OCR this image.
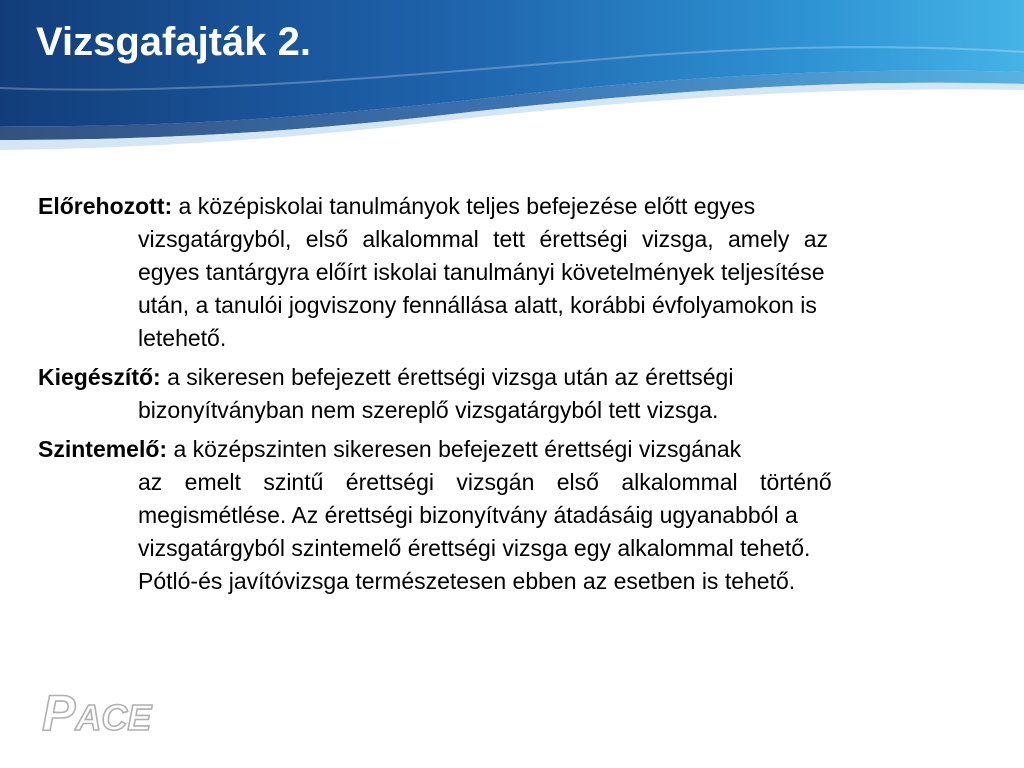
Vizsgafajták 2.
Előrehozott: a középiskolai tanulmányok teljes befejezése előtt egyes
vizsgatárgyból, első alkalommal tett érettségi vizsga, amely az
egyes tantárgyra előírt iskolai tanulmányi követelmények teljesítése
után, a tanulói jogviszony fennállása alatt, korábbi évfolyamokon is
letehető.
Kiegészítő: a sikeresen befejezett érettségi vizsga után az érettségi
bizonyítványban nem szereplő vizsgatárgyból tett vizsga.
Szintemelő: a középszinten sikeresen befejezett érettségi vizsgának
az emelt szintű érettségi vizsgán első alkalommal történő
megismétlése. Az érettségi bizonyítvány átadásáig ugyanabból a
vizsgatárgyból szintemelő érettségi vizsga egy alkalommal tehető.
Pótló-és javítóvizsga természetesen ebben az esetben is tehető.
PACE
